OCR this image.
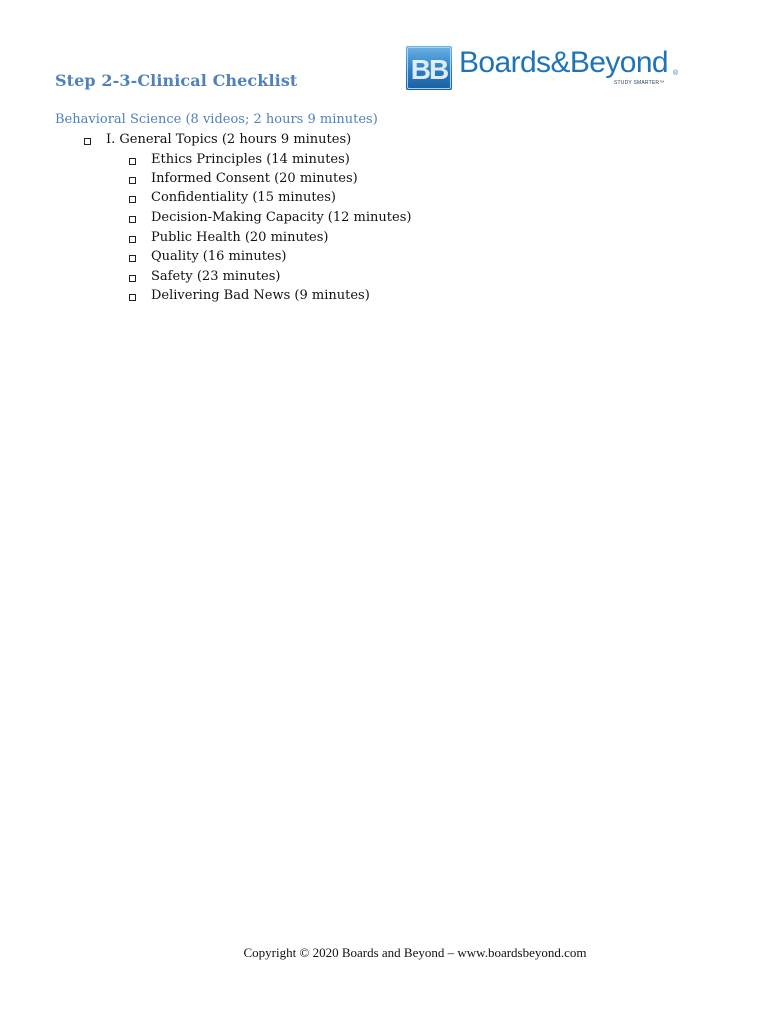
Step 2-3-Clinical Checklist	BB Boards&Beyond ®
STUDY SMARTER™
Behavioral Science (8 videos; 2 hours 9 minutes)
I. General Topics (2 hours 9 minutes)
Ethics Principles (14 minutes)
Informed Consent (20 minutes)
Confidentiality (15 minutes)
Decision-Making Capacity (12 minutes)
Public Health (20 minutes)
Quality (16 minutes)
Safety (23 minutes)
Delivering Bad News (9 minutes)
Copyright © 2020 Boards and Beyond – www.boardsbeyond.com
